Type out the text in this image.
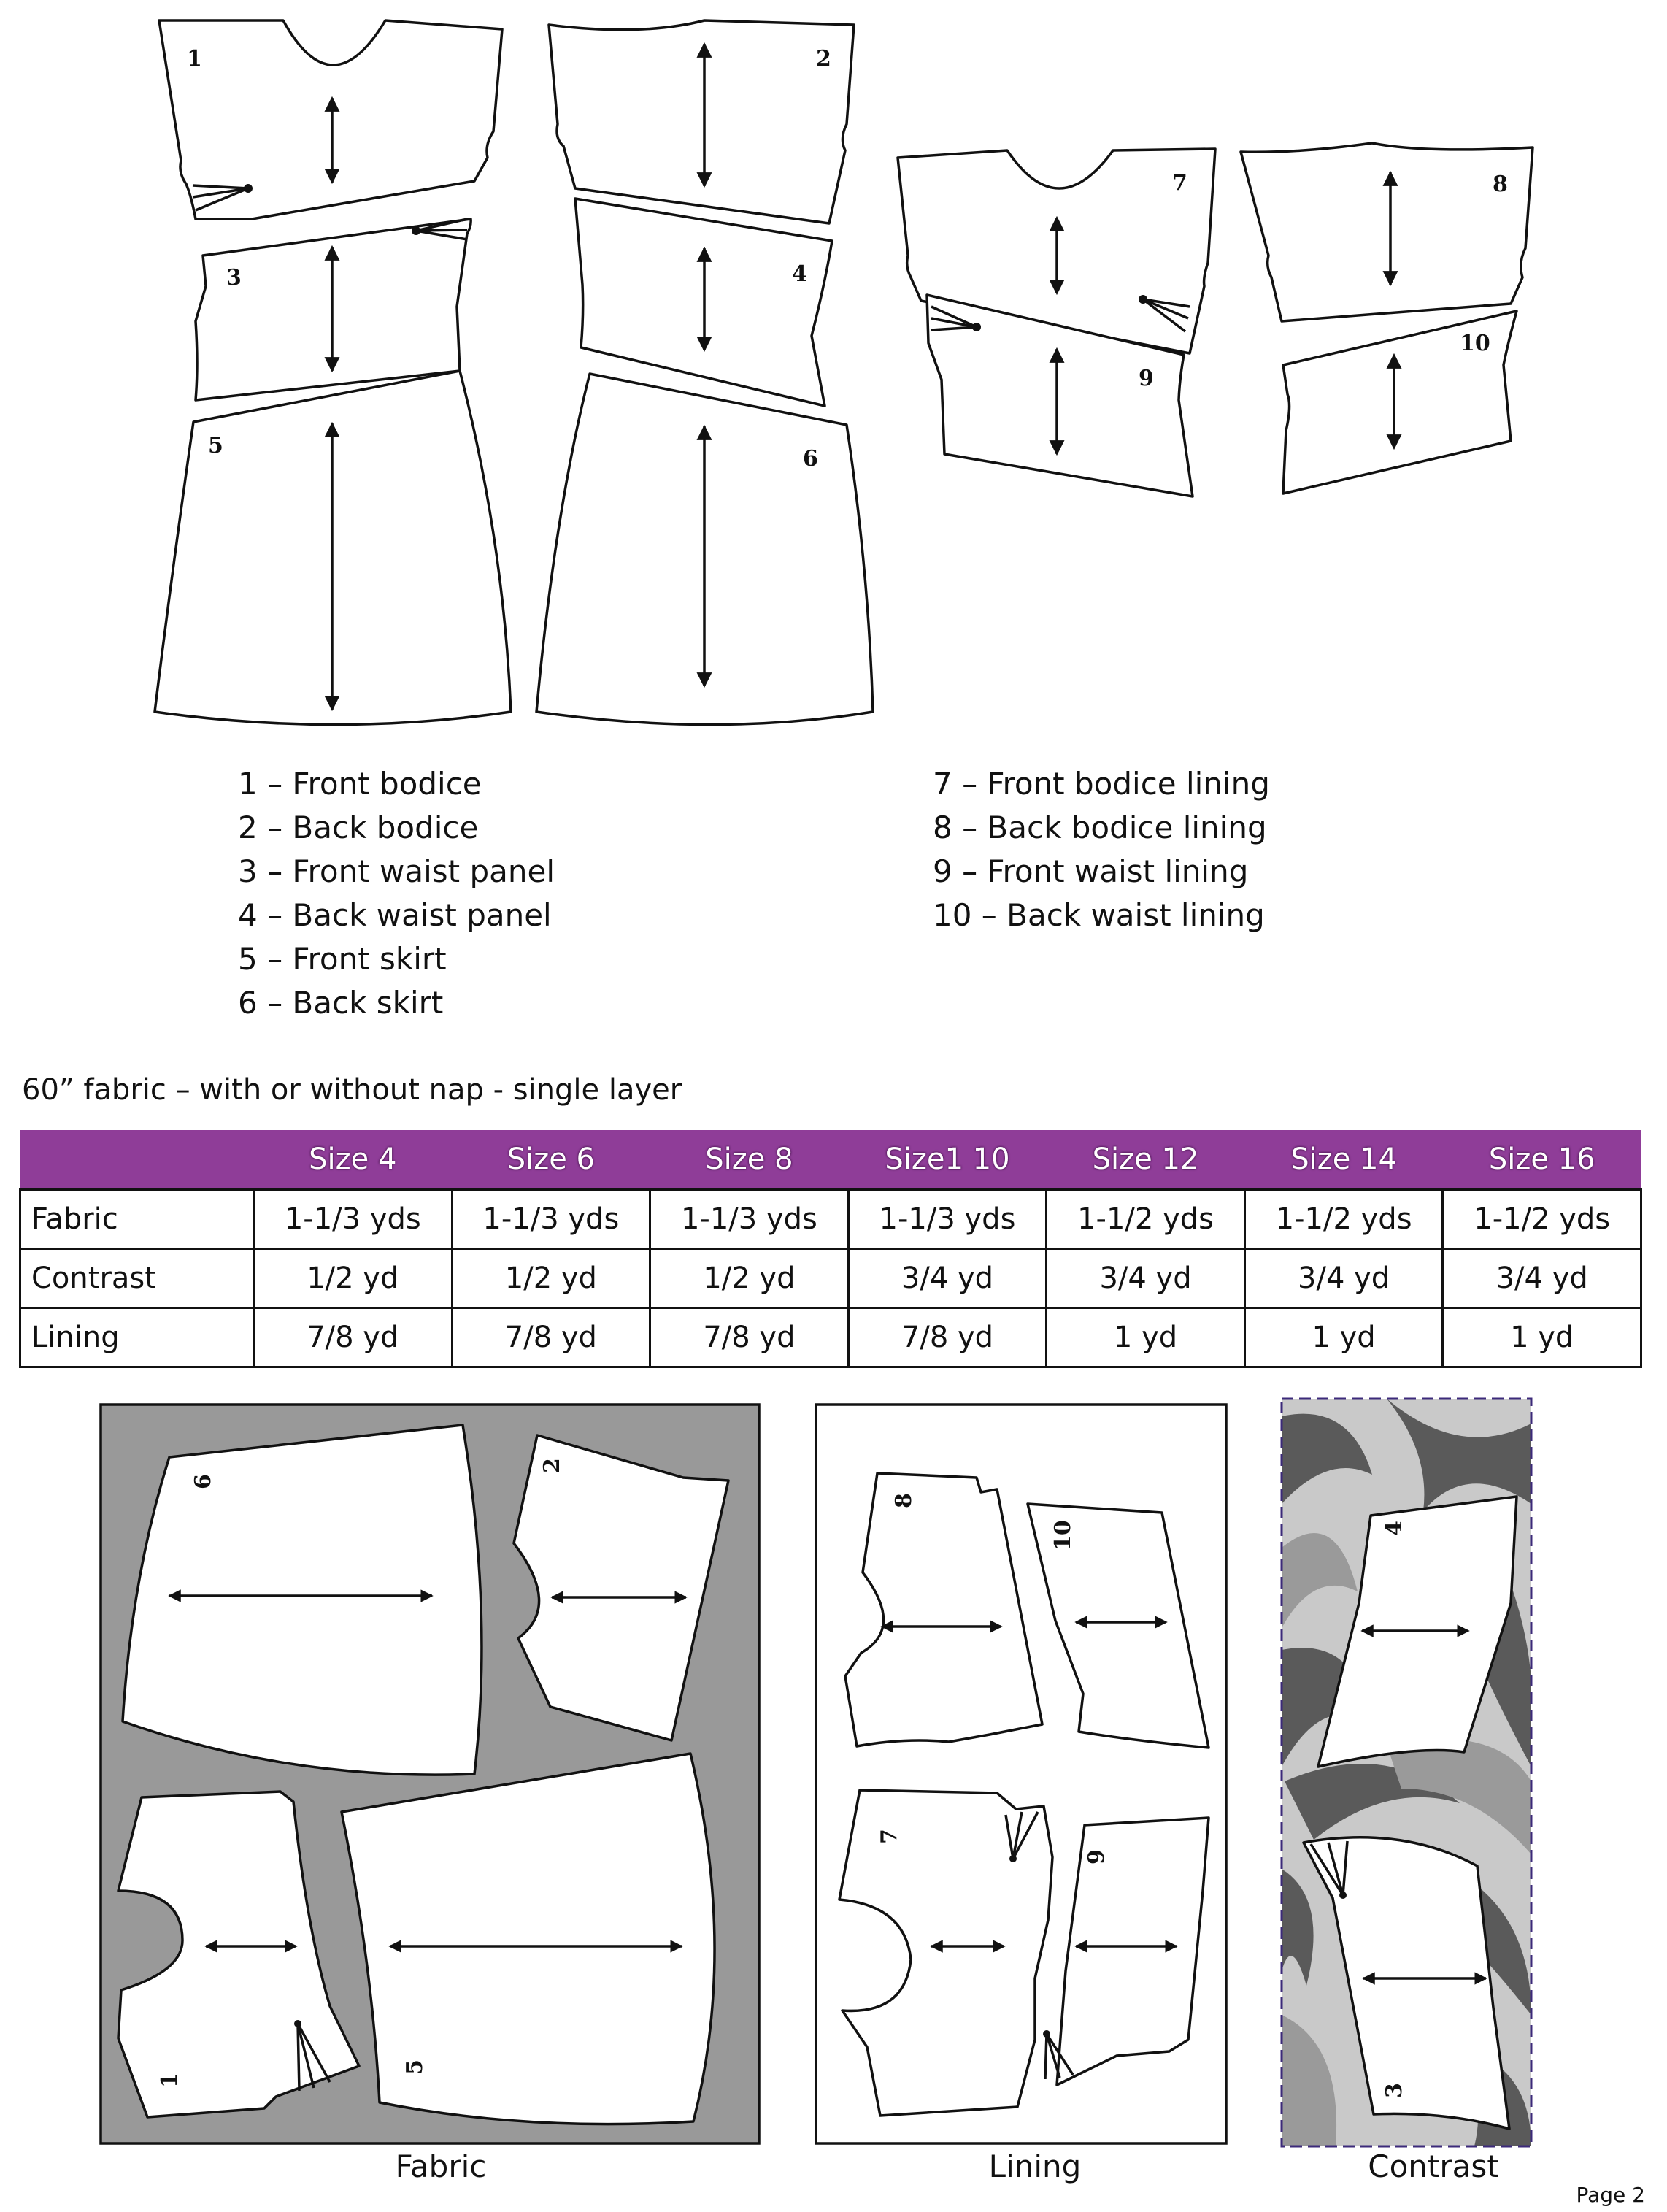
1
3
5
2
4
6
7
9
8
10
1 – Front bodice
2 – Back bodice
3 – Front waist panel
4 – Back waist panel
5 – Front skirt
6 – Back skirt
7 – Front bodice lining
8 – Back bodice lining
9 – Front waist lining
10 – Back waist lining
60” fabric – with or without nap - single layer
	Size 4	Size 6	Size 8	Size1 10	Size 12	Size 14	Size 16
Fabric	1-1/3 yds	1-1/3 yds	1-1/3 yds	1-1/3 yds	1-1/2 yds	1-1/2 yds	1-1/2 yds
Contrast	1/2 yd	1/2 yd	1/2 yd	3/4 yd	3/4 yd	3/4 yd	3/4 yd
Lining	7/8 yd	7/8 yd	7/8 yd	7/8 yd	1 yd	1 yd	1 yd
6
2
1
5
Fabric
8
10
7
9
Lining
4
3
Contrast
Page 2
